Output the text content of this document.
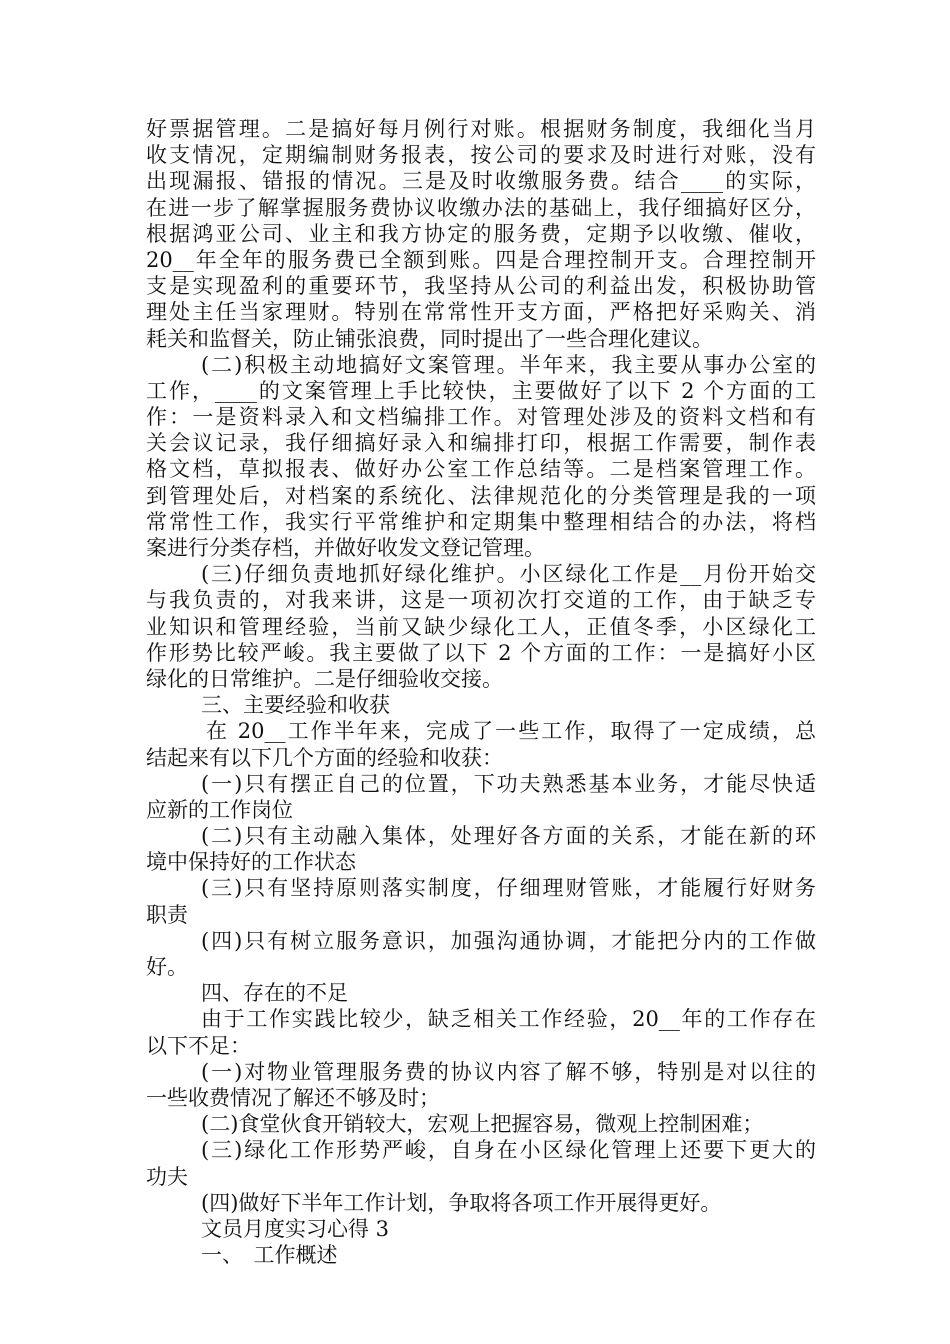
好票据管理。二是搞好每月例行对账。根据财务制度，我细化当月
收支情况，定期编制财务报表，按公司的要求及时进行对账，没有
出现漏报、错报的情况。三是及时收缴服务费。结合____的实际，
在进一步了解掌握服务费协议收缴办法的基础上，我仔细搞好区分，
根据鸿亚公司、业主和我方协定的服务费，定期予以收缴、催收，
20__年全年的服务费已全额到账。四是合理控制开支。合理控制开
支是实现盈利的重要环节，我坚持从公司的利益出发，积极协助管
理处主任当家理财。特别在常常性开支方面，严格把好采购关、消
耗关和监督关，防止铺张浪费，同时提出了一些合理化建议。
(二)积极主动地搞好文案管理。半年来，我主要从事办公室的
工作，____的文案管理上手比较快，主要做好了以下 2 个方面的工
作：一是资料录入和文档编排工作。对管理处涉及的资料文档和有
关会议记录，我仔细搞好录入和编排打印，根据工作需要，制作表
格文档，草拟报表、做好办公室工作总结等。二是档案管理工作。
到管理处后，对档案的系统化、法律规范化的分类管理是我的一项
常常性工作，我实行平常维护和定期集中整理相结合的办法，将档
案进行分类存档，并做好收发文登记管理。
(三)仔细负责地抓好绿化维护。小区绿化工作是__月份开始交
与我负责的，对我来讲，这是一项初次打交道的工作，由于缺乏专
业知识和管理经验，当前又缺少绿化工人，正值冬季，小区绿化工
作形势比较严峻。我主要做了以下 2 个方面的工作：一是搞好小区
绿化的日常维护。二是仔细验收交接。
三、主要经验和收获
在 20__工作半年来，完成了一些工作，取得了一定成绩，总
结起来有以下几个方面的经验和收获：
(一)只有摆正自己的位置，下功夫熟悉基本业务，才能尽快适
应新的工作岗位
(二)只有主动融入集体，处理好各方面的关系，才能在新的环
境中保持好的工作状态
(三)只有坚持原则落实制度，仔细理财管账，才能履行好财务
职责
(四)只有树立服务意识，加强沟通协调，才能把分内的工作做
好。
四、存在的不足
由于工作实践比较少，缺乏相关工作经验，20__年的工作存在
以下不足：
(一)对物业管理服务费的协议内容了解不够，特别是对以往的
一些收费情况了解还不够及时；
(二)食堂伙食开销较大，宏观上把握容易，微观上控制困难；
(三)绿化工作形势严峻，自身在小区绿化管理上还要下更大的
功夫
(四)做好下半年工作计划，争取将各项工作开展得更好。
文员月度实习心得 3
一、　工作概述
